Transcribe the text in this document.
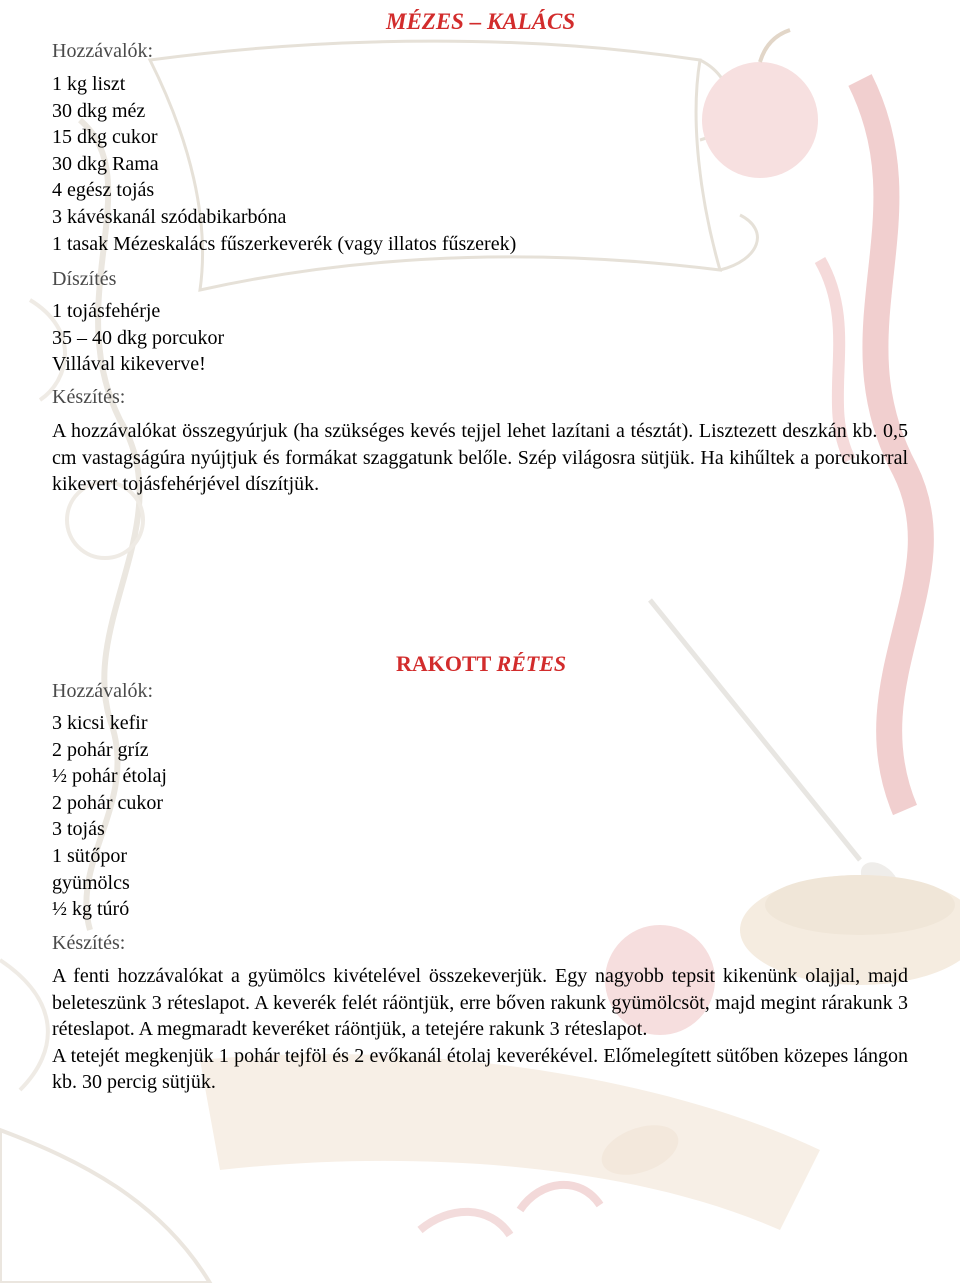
MÉZES – KALÁCS
Hozzávalók:
1 kg liszt
30 dkg méz
15 dkg cukor
30 dkg Rama
4 egész tojás
3 kávéskanál szódabikarbóna
1 tasak Mézeskalács fűszerkeverék (vagy illatos fűszerek)
Díszítés
1 tojásfehérje
35 – 40 dkg porcukor
Villával kikeverve!
Készítés:

A hozzávalókat összegyúrjuk (ha szükséges kevés tejjel lehet lazítani a tésztát). Lisztezett deszkán kb. 0,5 cm vastagságúra nyújtjuk és formákat szaggatunk belőle. Szép világosra sütjük. Ha kihűltek a porcukorral kikevert tojásfehérjével díszítjük.

RAKOTT RÉTES
Hozzávalók:
3 kicsi kefir
2 pohár gríz
½ pohár étolaj
2 pohár cukor
3 tojás
1 sütőpor
gyümölcs
½ kg túró
Készítés:

A fenti hozzávalókat a gyümölcs kivételével összekeverjük. Egy nagyobb tepsit kikenünk olajjal, majd beleteszünk 3 réteslapot. A keverék felét ráöntjük, erre bőven rakunk gyümölcsöt, majd megint rárakunk 3 réteslapot. A megmaradt keveréket ráöntjük, a tetejére rakunk 3 réteslapot.

A tetejét megkenjük 1 pohár tejföl és 2 evőkanál étolaj keverékével. Előmelegített sütőben közepes lángon kb. 30 percig sütjük.
